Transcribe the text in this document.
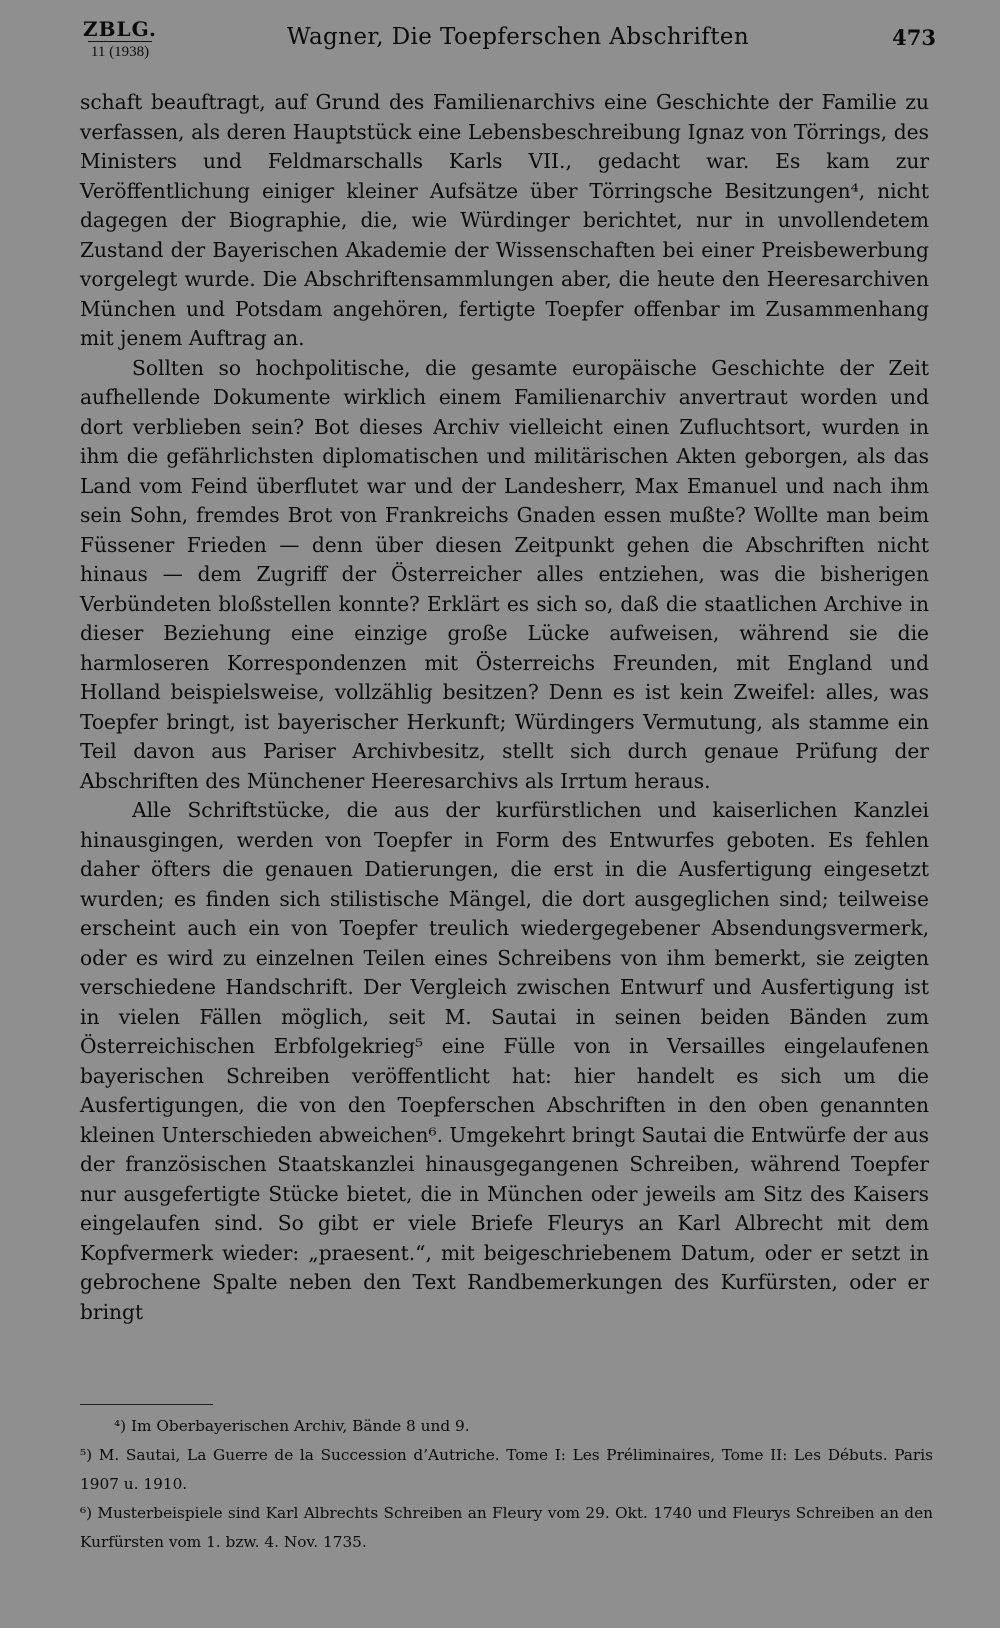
ZBLG.
11 (1938)
Wagner, Die Toepferschen Abschriften	473

schaft beauftragt, auf Grund des Familienarchivs eine Geschichte der Familie zu verfassen, als deren Hauptstück eine Lebensbeschreibung Ignaz von Törrings, des Ministers und Feldmarschalls Karls VII., gedacht war. Es kam zur Veröffentlichung einiger kleiner Aufsätze über Törringsche Besitzungen⁴, nicht dagegen der Biographie, die, wie Würdinger berichtet, nur in unvollendetem Zustand der Bayerischen Akademie der Wissenschaften bei einer Preisbewerbung vorgelegt wurde. Die Abschriftensammlungen aber, die heute den Heeresarchiven München und Potsdam angehören, fertigte Toepfer offenbar im Zusammenhang mit jenem Auftrag an.

Sollten so hochpolitische, die gesamte europäische Geschichte der Zeit aufhellende Dokumente wirklich einem Familienarchiv anvertraut worden und dort verblieben sein? Bot dieses Archiv vielleicht einen Zufluchtsort, wurden in ihm die gefährlichsten diplomatischen und militärischen Akten geborgen, als das Land vom Feind überflutet war und der Landesherr, Max Emanuel und nach ihm sein Sohn, fremdes Brot von Frankreichs Gnaden essen mußte? Wollte man beim Füssener Frieden — denn über diesen Zeitpunkt gehen die Abschriften nicht hinaus — dem Zugriff der Österreicher alles entziehen, was die bisherigen Verbündeten bloßstellen konnte? Erklärt es sich so, daß die staatlichen Archive in dieser Beziehung eine einzige große Lücke aufweisen, während sie die harmloseren Korrespondenzen mit Österreichs Freunden, mit England und Holland beispielsweise, vollzählig besitzen? Denn es ist kein Zweifel: alles, was Toepfer bringt, ist bayerischer Herkunft; Würdingers Vermutung, als stamme ein Teil davon aus Pariser Archivbesitz, stellt sich durch genaue Prüfung der Abschriften des Münchener Heeresarchivs als Irrtum heraus.

Alle Schriftstücke, die aus der kurfürstlichen und kaiserlichen Kanzlei hinausgingen, werden von Toepfer in Form des Entwurfes geboten. Es fehlen daher öfters die genauen Datierungen, die erst in die Ausfertigung eingesetzt wurden; es finden sich stilistische Mängel, die dort ausgeglichen sind; teilweise erscheint auch ein von Toepfer treulich wiedergegebener Absendungsvermerk, oder es wird zu einzelnen Teilen eines Schreibens von ihm bemerkt, sie zeigten verschiedene Handschrift. Der Vergleich zwischen Entwurf und Ausfertigung ist in vielen Fällen möglich, seit M. Sautai in seinen beiden Bänden zum Österreichischen Erbfolgekrieg⁵ eine Fülle von in Versailles eingelaufenen bayerischen Schreiben veröffentlicht hat: hier handelt es sich um die Ausfertigungen, die von den Toepferschen Abschriften in den oben genannten kleinen Unterschieden abweichen⁶. Umgekehrt bringt Sautai die Entwürfe der aus der französischen Staatskanzlei hinausgegangenen Schreiben, während Toepfer nur ausgefertigte Stücke bietet, die in München oder jeweils am Sitz des Kaisers eingelaufen sind. So gibt er viele Briefe Fleurys an Karl Albrecht mit dem Kopfvermerk wieder: „praesent.“, mit beigeschriebenem Datum, oder er setzt in gebrochene Spalte neben den Text Randbemerkungen des Kurfürsten, oder er bringt

⁴) Im Oberbayerischen Archiv, Bände 8 und 9.

⁵) M. Sautai, La Guerre de la Succession d’Autriche. Tome I: Les Préliminaires, Tome II: Les Débuts. Paris 1907 u. 1910.

⁶) Musterbeispiele sind Karl Albrechts Schreiben an Fleury vom 29. Okt. 1740 und Fleurys Schreiben an den Kurfürsten vom 1. bzw. 4. Nov. 1735.
